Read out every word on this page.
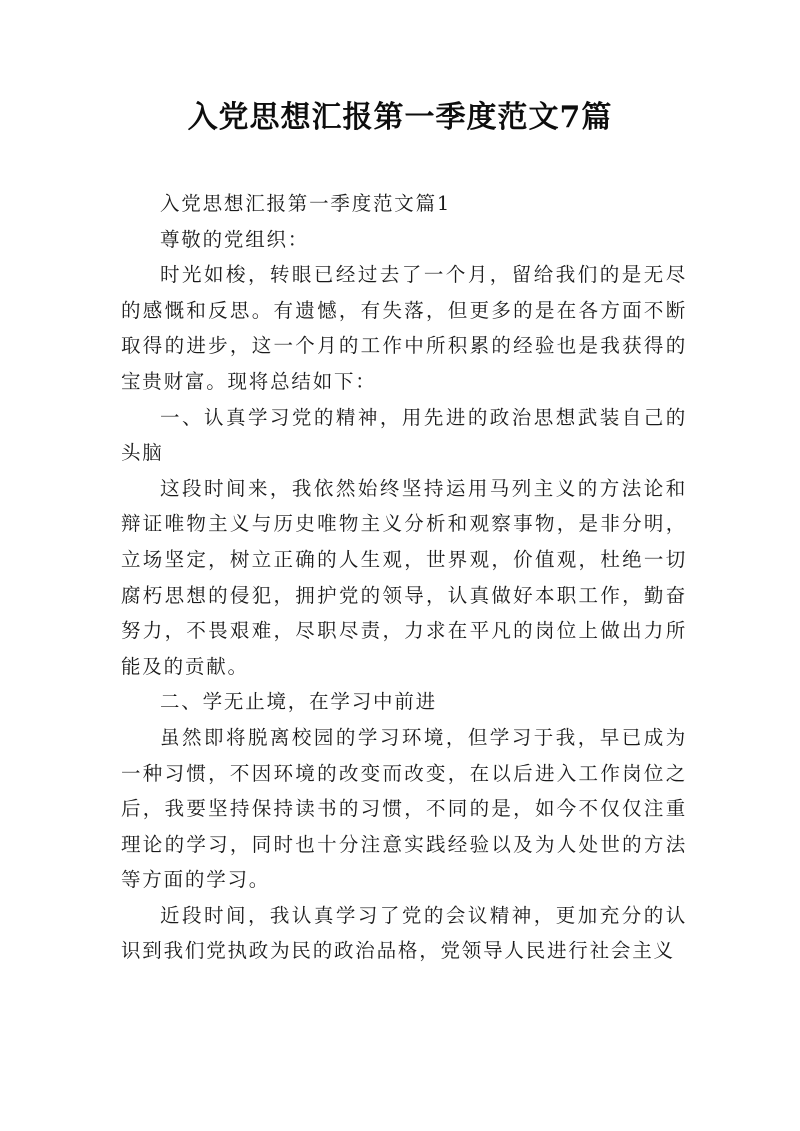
入党思想汇报第一季度范文7篇

入党思想汇报第一季度范文篇1

尊敬的党组织：

时光如梭，转眼已经过去了一个月，留给我们的是无尽的感慨和反思。有遗憾，有失落，但更多的是在各方面不断取得的进步，这一个月的工作中所积累的经验也是我获得的宝贵财富。现将总结如下：

一、认真学习党的精神，用先进的政治思想武装自己的头脑

这段时间来，我依然始终坚持运用马列主义的方法论和辩证唯物主义与历史唯物主义分析和观察事物，是非分明，立场坚定，树立正确的人生观，世界观，价值观，杜绝一切腐朽思想的侵犯，拥护党的领导，认真做好本职工作，勤奋努力，不畏艰难，尽职尽责，力求在平凡的岗位上做出力所能及的贡献。

二、学无止境，在学习中前进

虽然即将脱离校园的学习环境，但学习于我，早已成为一种习惯，不因环境的改变而改变，在以后进入工作岗位之后，我要坚持保持读书的习惯，不同的是，如今不仅仅注重理论的学习，同时也十分注意实践经验以及为人处世的方法等方面的学习。

近段时间，我认真学习了党的会议精神，更加充分的认识到我们党执政为民的政治品格，党领导人民进行社会主义
